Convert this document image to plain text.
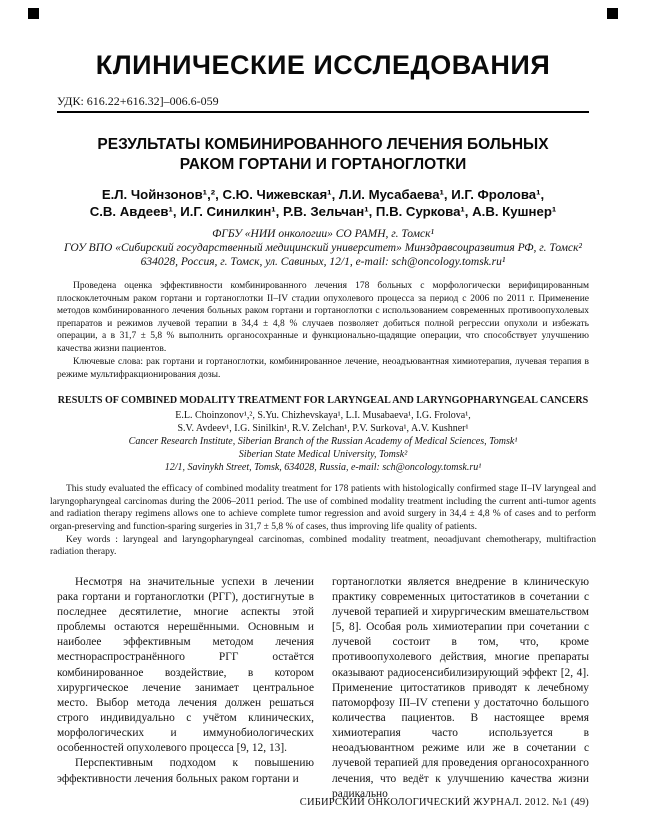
КЛИНИЧЕСКИЕ ИССЛЕДОВАНИЯ
УДК: 616.22+616.32]–006.6-059
РЕЗУЛЬТАТЫ КОМБИНИРОВАННОГО ЛЕЧЕНИЯ БОЛЬНЫХ
РАКОМ ГОРТАНИ И ГОРТАНОГЛОТКИ
Е.Л. Чойнзонов¹,², С.Ю. Чижевская¹, Л.И. Мусабаева¹, И.Г. Фролова¹,
С.В. Авдеев¹, И.Г. Синилкин¹, Р.В. Зельчан¹, П.В. Суркова¹, А.В. Кушнер¹
ФГБУ «НИИ онкологии» СО РАМН, г. Томск¹
ГОУ ВПО «Сибирский государственный медицинский университет» Минздравсоцразвития РФ, г. Томск²
634028, Россия, г. Томск, ул. Савиных, 12/1, e-mail: sch@oncology.tomsk.ru¹

Проведена оценка эффективности комбинированного лечения 178 больных с морфологически верифицированным плоскоклеточным раком гортани и гортаноглотки II–IV стадии опухолевого процесса за период с 2006 по 2011 г. Применение методов комбинированного лечения больных раком гортани и гортаноглотки с использованием современных противоопухолевых препаратов и режимов лучевой терапии в 34,4 ± 4,8 % случаев позволяет добиться полной регрессии опухоли и избежать операции, а в 31,7 ± 5,8 % выполнить органосохранные и функционально-щадящие операции, что способствует улучшению качества жизни пациентов.

Ключевые слова: рак гортани и гортаноглотки, комбинированное лечение, неоадъювантная химиотерапия, лучевая терапия в режиме мультифракционирования дозы.

RESULTS OF COMBINED MODALITY TREATMENT FOR LARYNGEAL AND LARYNGOPHARYNGEAL CANCERS
E.L. Choinzonov¹,², S.Yu. Chizhevskaya¹, L.I. Musabaeva¹, I.G. Frolova¹,
S.V. Avdeev¹, I.G. Sinilkin¹, R.V. Zelchan¹, P.V. Surkova¹, A.V. Kushner¹
Cancer Research Institute, Siberian Branch of the Russian Academy of Medical Sciences, Tomsk¹
Siberian State Medical University, Tomsk²
12/1, Savinykh Street, Tomsk, 634028, Russia, e-mail: sch@oncology.tomsk.ru¹

This study evaluated the efficacy of combined modality treatment for 178 patients with histologically confirmed stage II–IV laryngeal and laryngopharyngeal carcinomas during the 2006–2011 period. The use of combined modality treatment including the current anti-tumor agents and radiation therapy regimens allows one to achieve complete tumor regression and avoid surgery in 34,4 ± 4,8 % of cases and to perform organ-preserving and function-sparing surgeries in 31,7 ± 5,8 % of cases, thus improving life quality of patients.

Key words : laryngeal and laryngopharyngeal carcinomas, combined modality treatment, neoadjuvant chemotherapy, multifraction radiation therapy.

Несмотря на значительные успехи в лечении рака гортани и гортаноглотки (РГГ), достигнутые в последнее десятилетие, многие аспекты этой проблемы остаются нерешёнными. Основным и наиболее эффективным методом лечения местнораспространённого РГГ остаётся комбинированное воздействие, в котором хирургическое лечение занимает центральное место. Выбор метода лечения должен решаться строго индивидуально с учётом клинических, морфологических и иммунобиологических особенностей опухолевого процесса [9, 12, 13].

Перспективным подходом к повышению эффективности лечения больных раком гортани и

гортаноглотки является внедрение в клиническую практику современных цитостатиков в сочетании с лучевой терапией и хирургическим вмешательством [5, 8]. Особая роль химиотерапии при сочетании с лучевой состоит в том, что, кроме противоопухолевого действия, многие препараты оказывают радиосенсибилизирующий эффект [2, 4]. Применение цитостатиков приводят к лечебному патоморфозу III–IV степени у достаточно большого количества пациентов. В настоящее время химиотерапия часто используется в неоадъювантном режиме или же в сочетании с лучевой терапией для проведения органосохранного лечения, что ведёт к улучшению качества жизни радикально

СИБИРСКИЙ ОНКОЛОГИЧЕСКИЙ ЖУРНАЛ. 2012. №1 (49)
